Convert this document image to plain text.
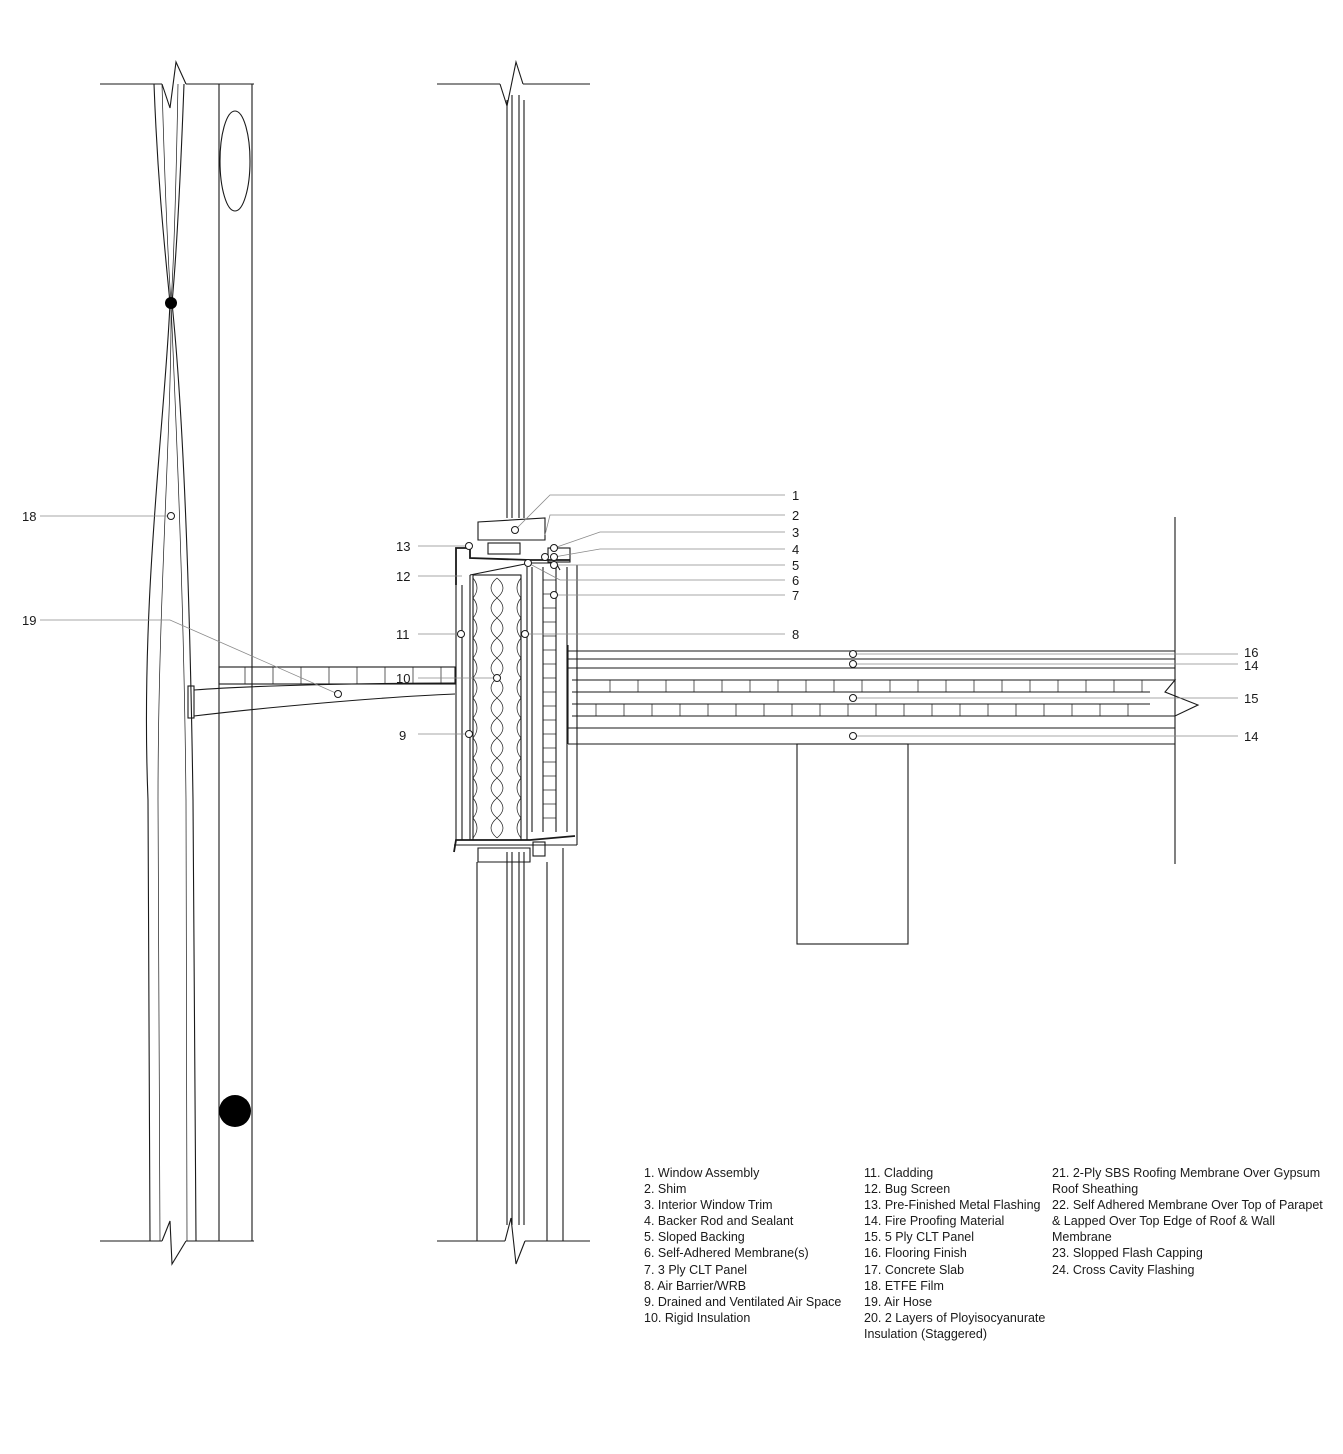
1
2
3
4
5
6
7
8
16
14
15
14
13
12
11
10
9
18
19
1. Window Assembly
2. Shim
3. Interior Window Trim
4. Backer Rod and Sealant
5. Sloped Backing
6. Self-Adhered Membrane(s)
7. 3 Ply CLT Panel
8. Air Barrier/WRB
9. Drained and Ventilated Air Space
10. Rigid Insulation
11. Cladding
12. Bug Screen
13. Pre-Finished Metal Flashing
14. Fire Proofing Material
15. 5 Ply CLT Panel
16. Flooring Finish
17. Concrete Slab
18. ETFE Film
19. Air Hose
20. 2 Layers of Ployisocyanurate Insulation (Staggered)
21. 2-Ply SBS Roofing Membrane Over Gypsum Roof Sheathing
22. Self Adhered Membrane Over Top of Parapet & Lapped Over Top Edge of Roof & Wall Membrane
23. Slopped Flash Capping
24. Cross Cavity Flashing
